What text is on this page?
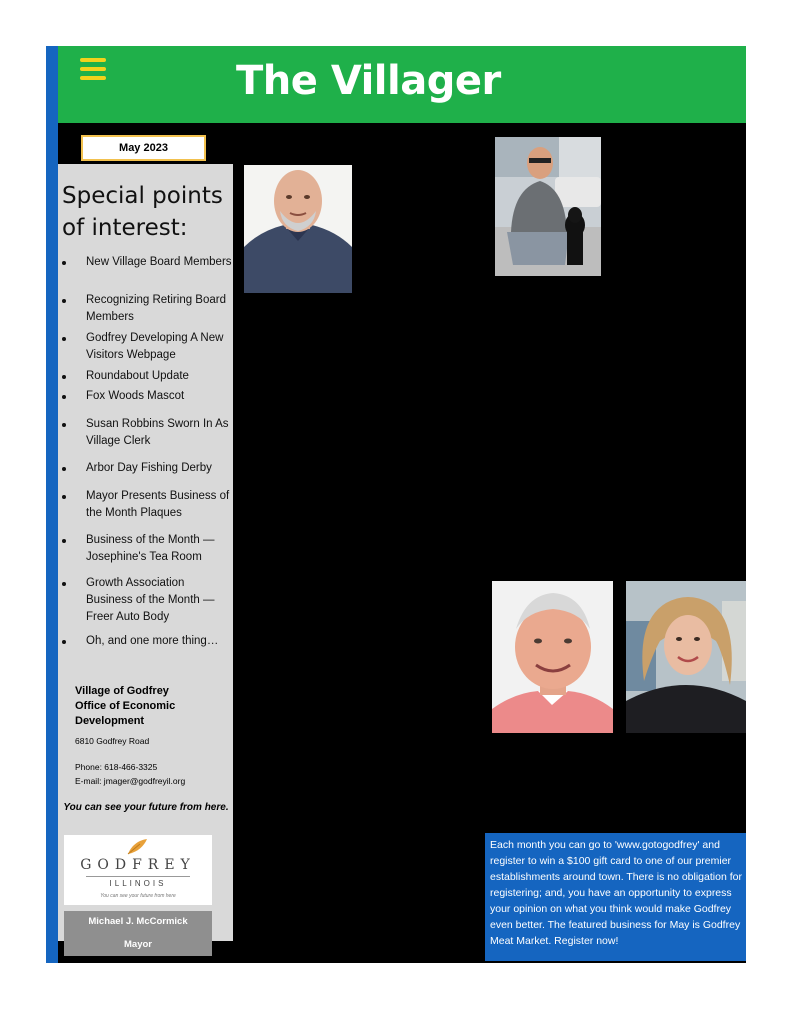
The Villager
May 2023
Special points of interest:
New Village Board Members
Recognizing Retiring Board Members
Godfrey Developing A New Visitors Webpage
Roundabout Update
Fox Woods Mascot
Susan Robbins Sworn In As Village Clerk
Arbor Day Fishing Derby
Mayor Presents Business of the Month Plaques
Business of the Month — Josephine's Tea Room
Growth Association Business of the Month — Freer Auto Body
Oh, and one more thing…
Village of Godfrey
Office of Economic Development
6810 Godfrey Road
Phone: 618-466-3325
E-mail: jmager@godfreyil.org
You can see your future from here.
GODFREY
ILLINOIS
You can see your future from here
Michael J. McCormick
Mayor
Each month you can go to 'www.gotogodfrey' and register to win a $100 gift card to one of our premier establishments around town. There is no obligation for registering; and, you have an opportunity to express your opinion on what you think would make Godfrey even better. The featured business for May is Godfrey Meat Market. Register now!
